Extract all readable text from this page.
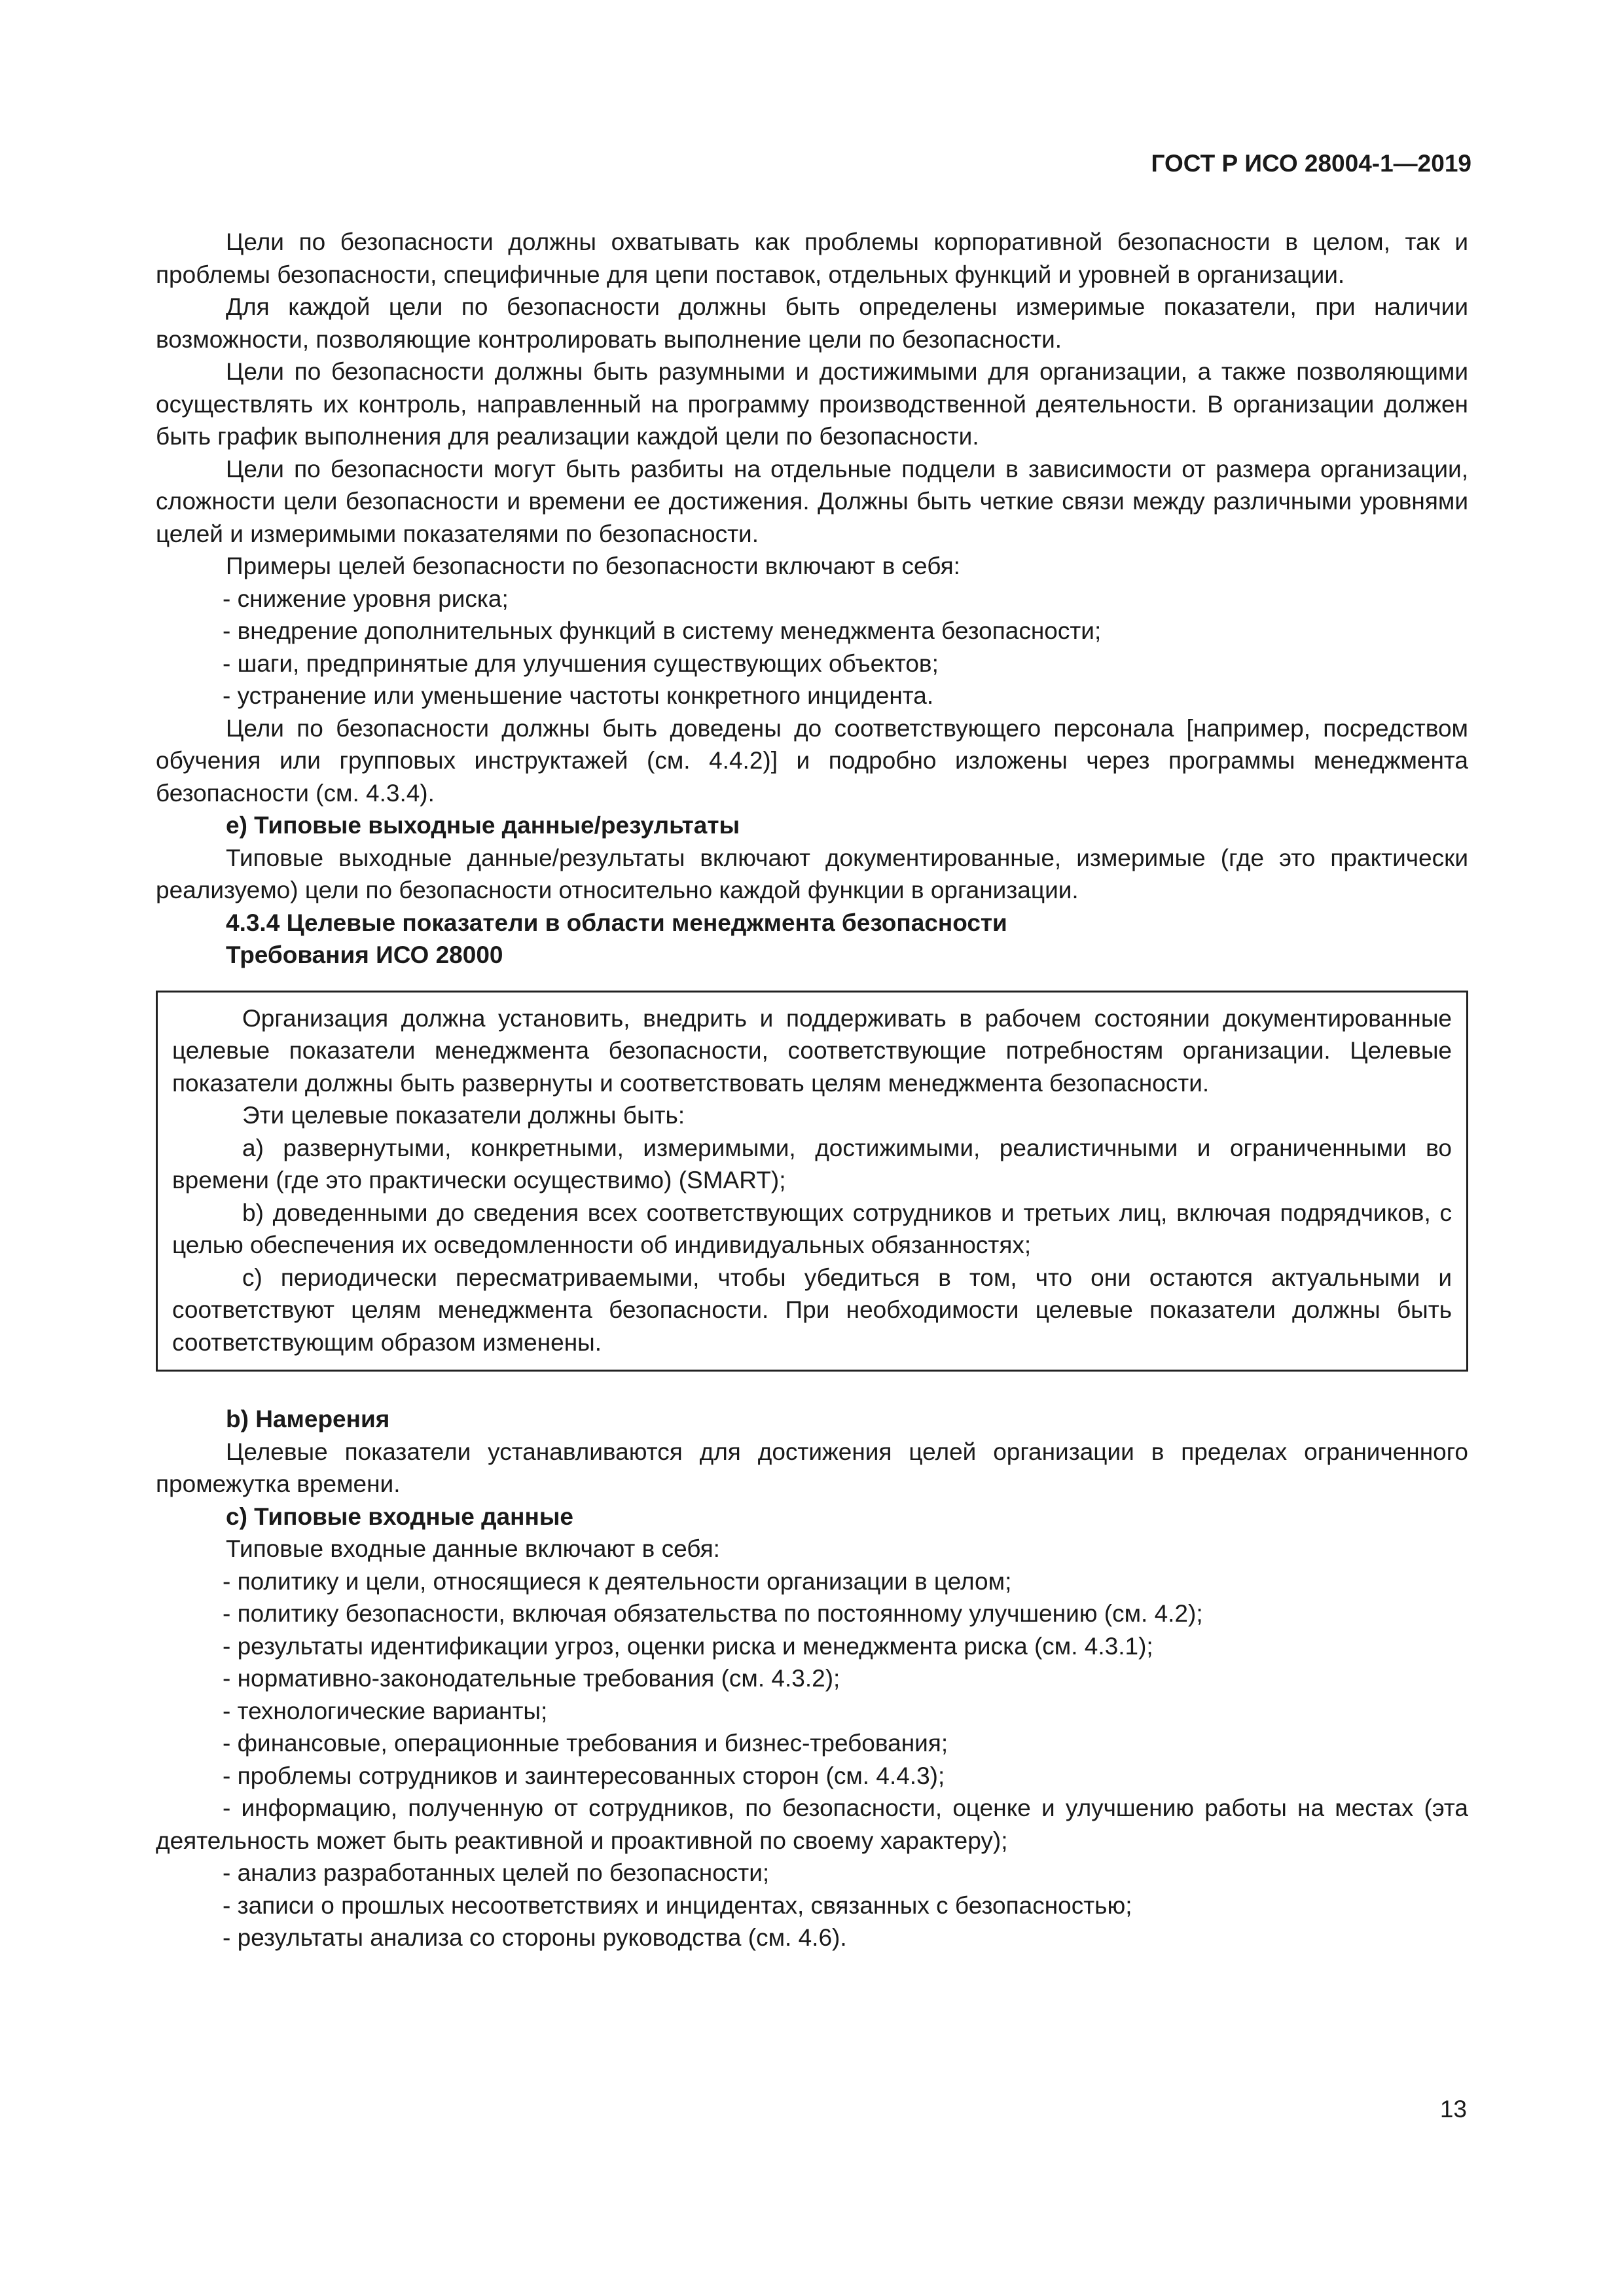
ГОСТ Р ИСО 28004-1—2019

Цели по безопасности должны охватывать как проблемы корпоративной безопасности в целом, так и проблемы безопасности, специфичные для цепи поставок, отдельных функций и уровней в организации.

Для каждой цели по безопасности должны быть определены измеримые показатели, при наличии возможности, позволяющие контролировать выполнение цели по безопасности.

Цели по безопасности должны быть разумными и достижимыми для организации, а также позволяющими осуществлять их контроль, направленный на программу производственной деятельности. В организации должен быть график выполнения для реализации каждой цели по безопасности.

Цели по безопасности могут быть разбиты на отдельные подцели в зависимости от размера организации, сложности цели безопасности и времени ее достижения. Должны быть четкие связи между различными уровнями целей и измеримыми показателями по безопасности.

Примеры целей безопасности по безопасности включают в себя:

- снижение уровня риска;

- внедрение дополнительных функций в систему менеджмента безопасности;

- шаги, предпринятые для улучшения существующих объектов;

- устранение или уменьшение частоты конкретного инцидента.

Цели по безопасности должны быть доведены до соответствующего персонала [например, посредством обучения или групповых инструктажей (см. 4.4.2)] и подробно изложены через программы менеджмента безопасности (см. 4.3.4).

e) Типовые выходные данные/результаты

Типовые выходные данные/результаты включают документированные, измеримые (где это практически реализуемо) цели по безопасности относительно каждой функции в организации.

4.3.4 Целевые показатели в области менеджмента безопасности

Требования ИСО 28000

Организация должна установить, внедрить и поддерживать в рабочем состоянии документированные целевые показатели менеджмента безопасности, соответствующие потребностям организации. Целевые показатели должны быть развернуты и соответствовать целям менеджмента безопасности.

Эти целевые показатели должны быть:

a) развернутыми, конкретными, измеримыми, достижимыми, реалистичными и ограниченными во времени (где это практически осуществимо) (SMART);

b) доведенными до сведения всех соответствующих сотрудников и третьих лиц, включая подрядчиков, с целью обеспечения их осведомленности об индивидуальных обязанностях;

c) периодически пересматриваемыми, чтобы убедиться в том, что они остаются актуальными и соответствуют целям менеджмента безопасности. При необходимости целевые показатели должны быть соответствующим образом изменены.

b) Намерения

Целевые показатели устанавливаются для достижения целей организации в пределах ограниченного промежутка времени.

c) Типовые входные данные

Типовые входные данные включают в себя:

- политику и цели, относящиеся к деятельности организации в целом;

- политику безопасности, включая обязательства по постоянному улучшению (см. 4.2);

- результаты идентификации угроз, оценки риска и менеджмента риска (см. 4.3.1);

- нормативно-законодательные требования (см. 4.3.2);

- технологические варианты;

- финансовые, операционные требования и бизнес-требования;

- проблемы сотрудников и заинтересованных сторон (см. 4.4.3);

- информацию, полученную от сотрудников, по безопасности, оценке и улучшению работы на местах (эта деятельность может быть реактивной и проактивной по своему характеру);

- анализ разработанных целей по безопасности;

- записи о прошлых несоответствиях и инцидентах, связанных с безопасностью;

- результаты анализа со стороны руководства (см. 4.6).

13
